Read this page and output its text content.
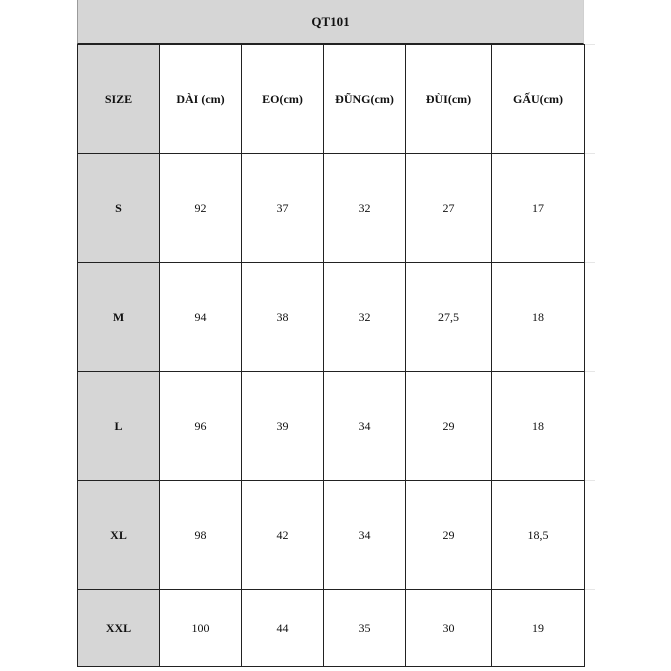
QT101
SIZE	DÀI (cm)	EO(cm)	ĐŨNG(cm)	ĐÙI(cm)	GẤU(cm)
S	92	37	32	27	17
M	94	38	32	27,5	18
L	96	39	34	29	18
XL	98	42	34	29	18,5
XXL	100	44	35	30	19
